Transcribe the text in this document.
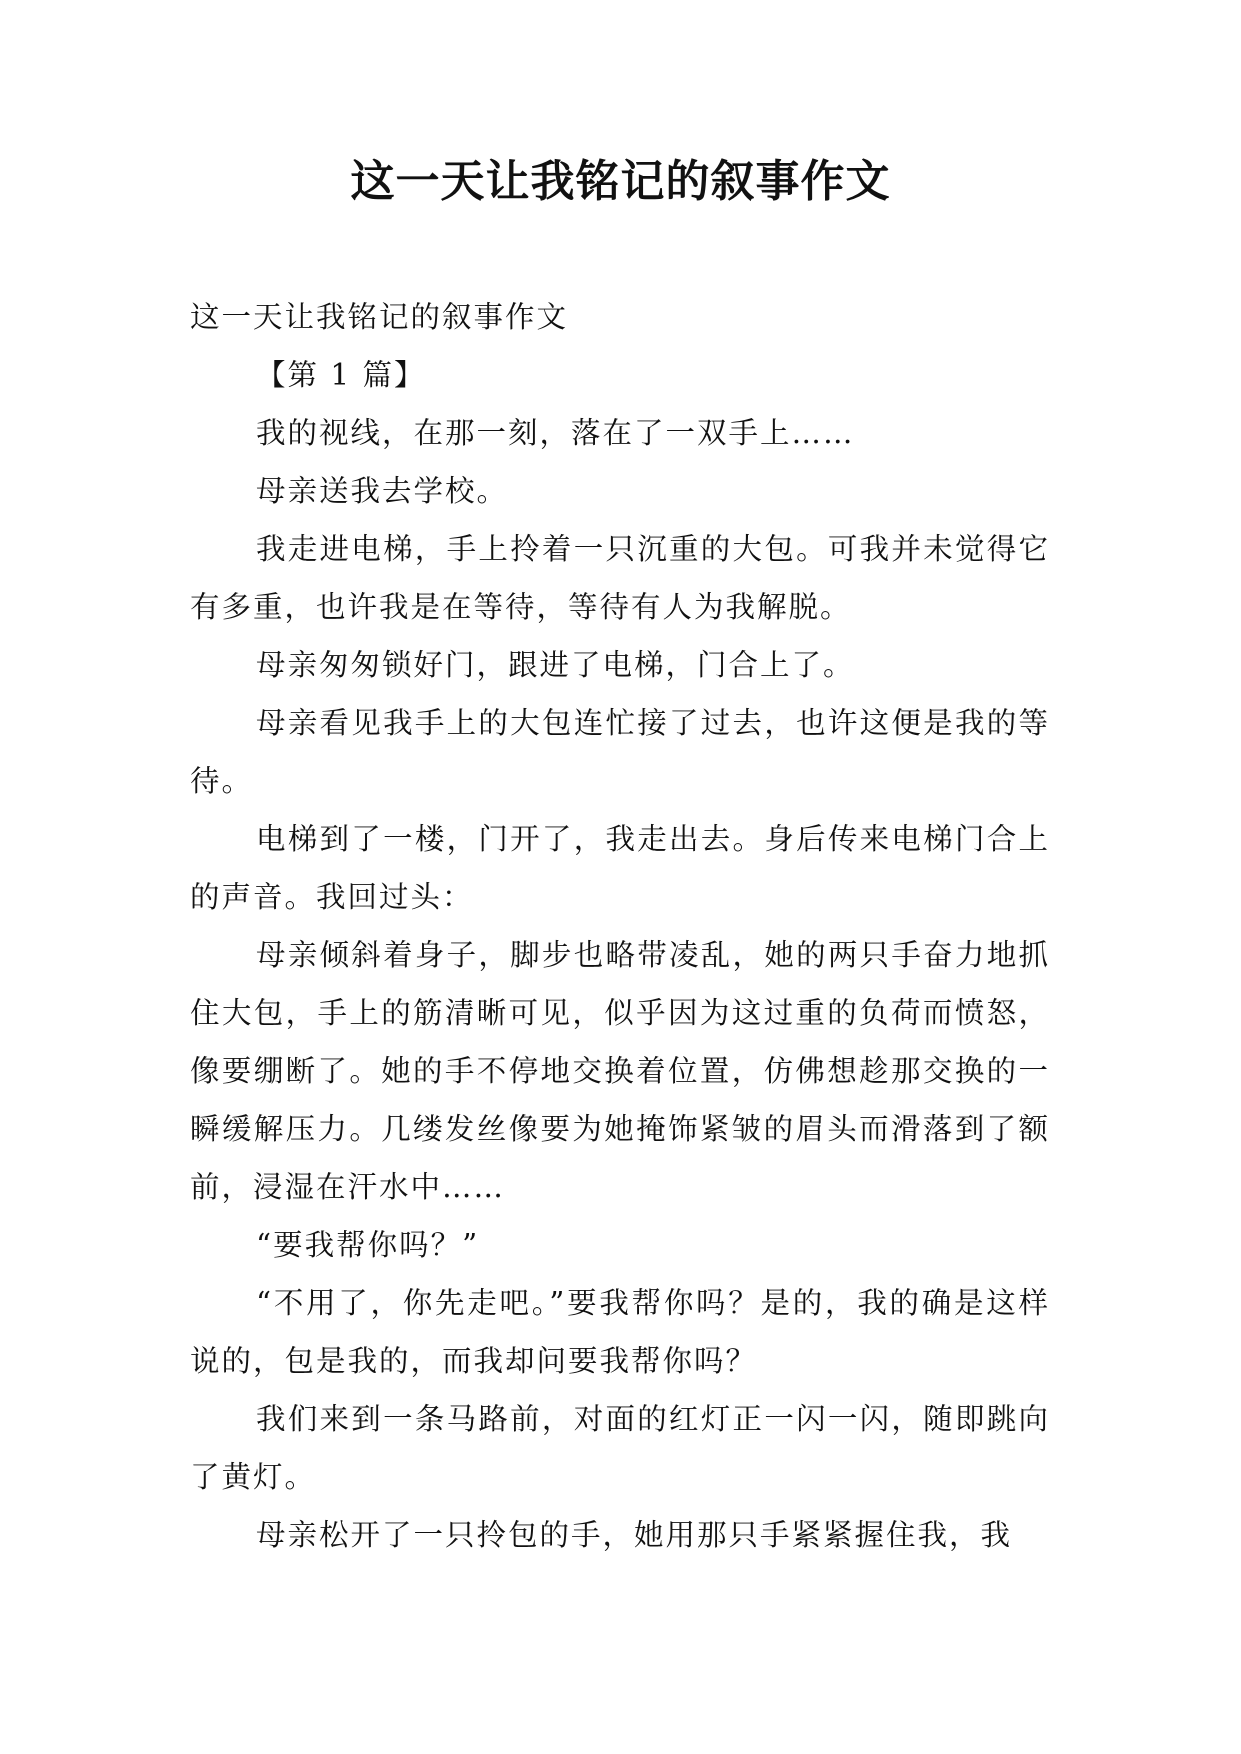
这一天让我铭记的叙事作文

这一天让我铭记的叙事作文

【第 1 篇】

我的视线，在那一刻，落在了一双手上……

母亲送我去学校。

我走进电梯，手上拎着一只沉重的大包。可我并未觉得它有多重，也许我是在等待，等待有人为我解脱。

母亲匆匆锁好门，跟进了电梯，门合上了。

母亲看见我手上的大包连忙接了过去，也许这便是我的等待。

电梯到了一楼，门开了，我走出去。身后传来电梯门合上的声音。我回过头：

母亲倾斜着身子，脚步也略带凌乱，她的两只手奋力地抓住大包，手上的筋清晰可见，似乎因为这过重的负荷而愤怒，像要绷断了。她的手不停地交换着位置，仿佛想趁那交换的一瞬缓解压力。几缕发丝像要为她掩饰紧皱的眉头而滑落到了额前，浸湿在汗水中……

“要我帮你吗？”

“不用了，你先走吧。”要我帮你吗？是的，我的确是这样说的，包是我的，而我却问要我帮你吗？

我们来到一条马路前，对面的红灯正一闪一闪，随即跳向了黄灯。

母亲松开了一只拎包的手，她用那只手紧紧握住我，我
